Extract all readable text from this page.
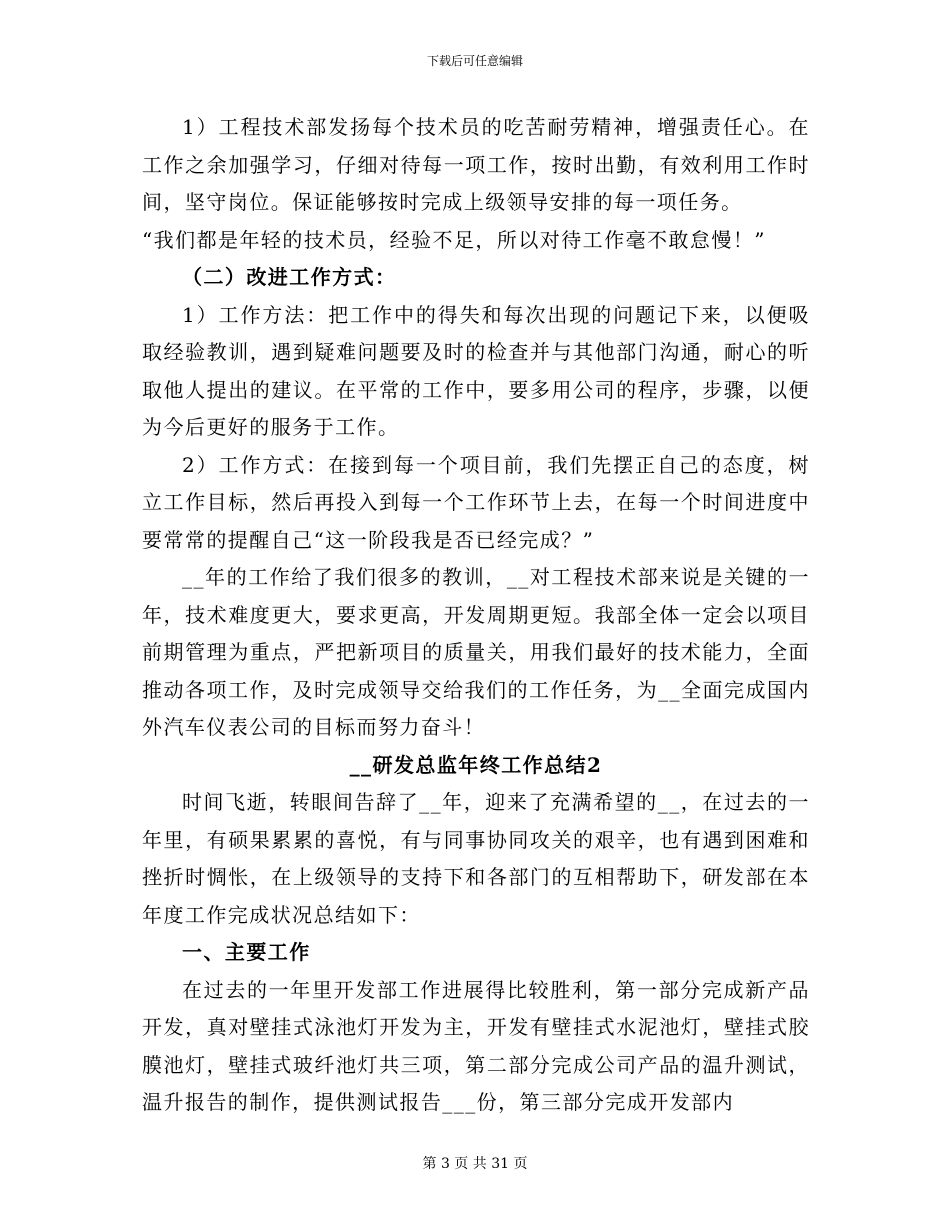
下载后可任意编辑

1）工程技术部发扬每个技术员的吃苦耐劳精神，增强责任心。在工作之余加强学习，仔细对待每一项工作，按时出勤，有效利用工作时间，坚守岗位。保证能够按时完成上级领导安排的每一项任务。

“我们都是年轻的技术员，经验不足，所以对待工作毫不敢怠慢！”

（二）改进工作方式：

1）工作方法：把工作中的得失和每次出现的问题记下来，以便吸取经验教训，遇到疑难问题要及时的检查并与其他部门沟通，耐心的听取他人提出的建议。在平常的工作中，要多用公司的程序，步骤，以便为今后更好的服务于工作。

2）工作方式：在接到每一个项目前，我们先摆正自己的态度，树立工作目标，然后再投入到每一个工作环节上去，在每一个时间进度中要常常的提醒自己“这一阶段我是否已经完成？”

__年的工作给了我们很多的教训，__对工程技术部来说是关键的一年，技术难度更大，要求更高，开发周期更短。我部全体一定会以项目前期管理为重点，严把新项目的质量关，用我们最好的技术能力，全面推动各项工作，及时完成领导交给我们的工作任务，为__全面完成国内外汽车仪表公司的目标而努力奋斗！

__研发总监年终工作总结2

时间飞逝，转眼间告辞了__年，迎来了充满希望的__，在过去的一年里，有硕果累累的喜悦，有与同事协同攻关的艰辛，也有遇到困难和挫折时惆怅，在上级领导的支持下和各部门的互相帮助下，研发部在本年度工作完成状况总结如下：

一、主要工作

在过去的一年里开发部工作进展得比较胜利，第一部分完成新产品开发，真对壁挂式泳池灯开发为主，开发有壁挂式水泥池灯，壁挂式胶膜池灯，壁挂式玻纤池灯共三项，第二部分完成公司产品的温升测试，温升报告的制作，提供测试报告___份，第三部分完成开发部内

第 3 页 共 31 页
